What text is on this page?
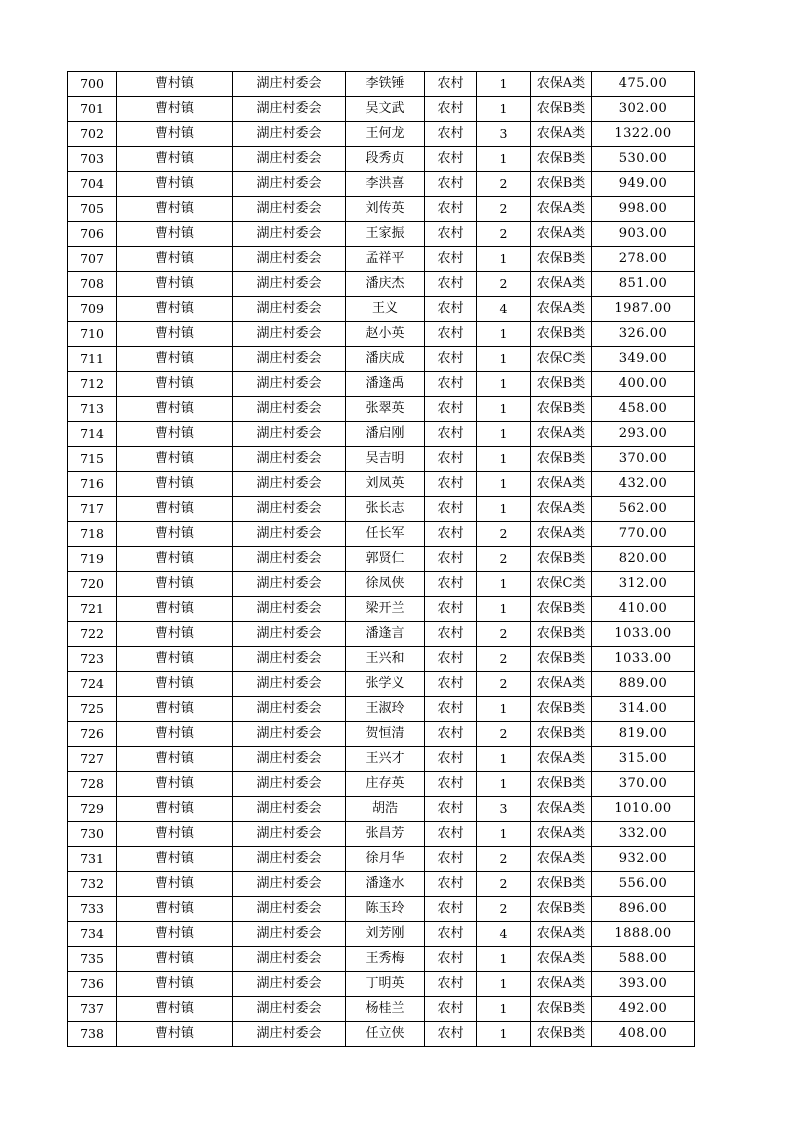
700	曹村镇	湖庄村委会	李铁锤	农村	1	农保A类	475.00
701	曹村镇	湖庄村委会	吴文武	农村	1	农保B类	302.00
702	曹村镇	湖庄村委会	王何龙	农村	3	农保A类	1322.00
703	曹村镇	湖庄村委会	段秀贞	农村	1	农保B类	530.00
704	曹村镇	湖庄村委会	李洪喜	农村	2	农保B类	949.00
705	曹村镇	湖庄村委会	刘传英	农村	2	农保A类	998.00
706	曹村镇	湖庄村委会	王家振	农村	2	农保A类	903.00
707	曹村镇	湖庄村委会	孟祥平	农村	1	农保B类	278.00
708	曹村镇	湖庄村委会	潘庆杰	农村	2	农保A类	851.00
709	曹村镇	湖庄村委会	王义	农村	4	农保A类	1987.00
710	曹村镇	湖庄村委会	赵小英	农村	1	农保B类	326.00
711	曹村镇	湖庄村委会	潘庆成	农村	1	农保C类	349.00
712	曹村镇	湖庄村委会	潘逢禹	农村	1	农保B类	400.00
713	曹村镇	湖庄村委会	张翠英	农村	1	农保B类	458.00
714	曹村镇	湖庄村委会	潘启刚	农村	1	农保A类	293.00
715	曹村镇	湖庄村委会	吴吉明	农村	1	农保B类	370.00
716	曹村镇	湖庄村委会	刘凤英	农村	1	农保A类	432.00
717	曹村镇	湖庄村委会	张长志	农村	1	农保A类	562.00
718	曹村镇	湖庄村委会	任长军	农村	2	农保A类	770.00
719	曹村镇	湖庄村委会	郭贤仁	农村	2	农保B类	820.00
720	曹村镇	湖庄村委会	徐凤侠	农村	1	农保C类	312.00
721	曹村镇	湖庄村委会	梁开兰	农村	1	农保B类	410.00
722	曹村镇	湖庄村委会	潘逢言	农村	2	农保B类	1033.00
723	曹村镇	湖庄村委会	王兴和	农村	2	农保B类	1033.00
724	曹村镇	湖庄村委会	张学义	农村	2	农保A类	889.00
725	曹村镇	湖庄村委会	王淑玲	农村	1	农保B类	314.00
726	曹村镇	湖庄村委会	贺恒清	农村	2	农保B类	819.00
727	曹村镇	湖庄村委会	王兴才	农村	1	农保A类	315.00
728	曹村镇	湖庄村委会	庄存英	农村	1	农保B类	370.00
729	曹村镇	湖庄村委会	胡浩	农村	3	农保A类	1010.00
730	曹村镇	湖庄村委会	张昌芳	农村	1	农保A类	332.00
731	曹村镇	湖庄村委会	徐月华	农村	2	农保A类	932.00
732	曹村镇	湖庄村委会	潘逢水	农村	2	农保B类	556.00
733	曹村镇	湖庄村委会	陈玉玲	农村	2	农保B类	896.00
734	曹村镇	湖庄村委会	刘芳刚	农村	4	农保A类	1888.00
735	曹村镇	湖庄村委会	王秀梅	农村	1	农保A类	588.00
736	曹村镇	湖庄村委会	丁明英	农村	1	农保A类	393.00
737	曹村镇	湖庄村委会	杨桂兰	农村	1	农保B类	492.00
738	曹村镇	湖庄村委会	任立侠	农村	1	农保B类	408.00
